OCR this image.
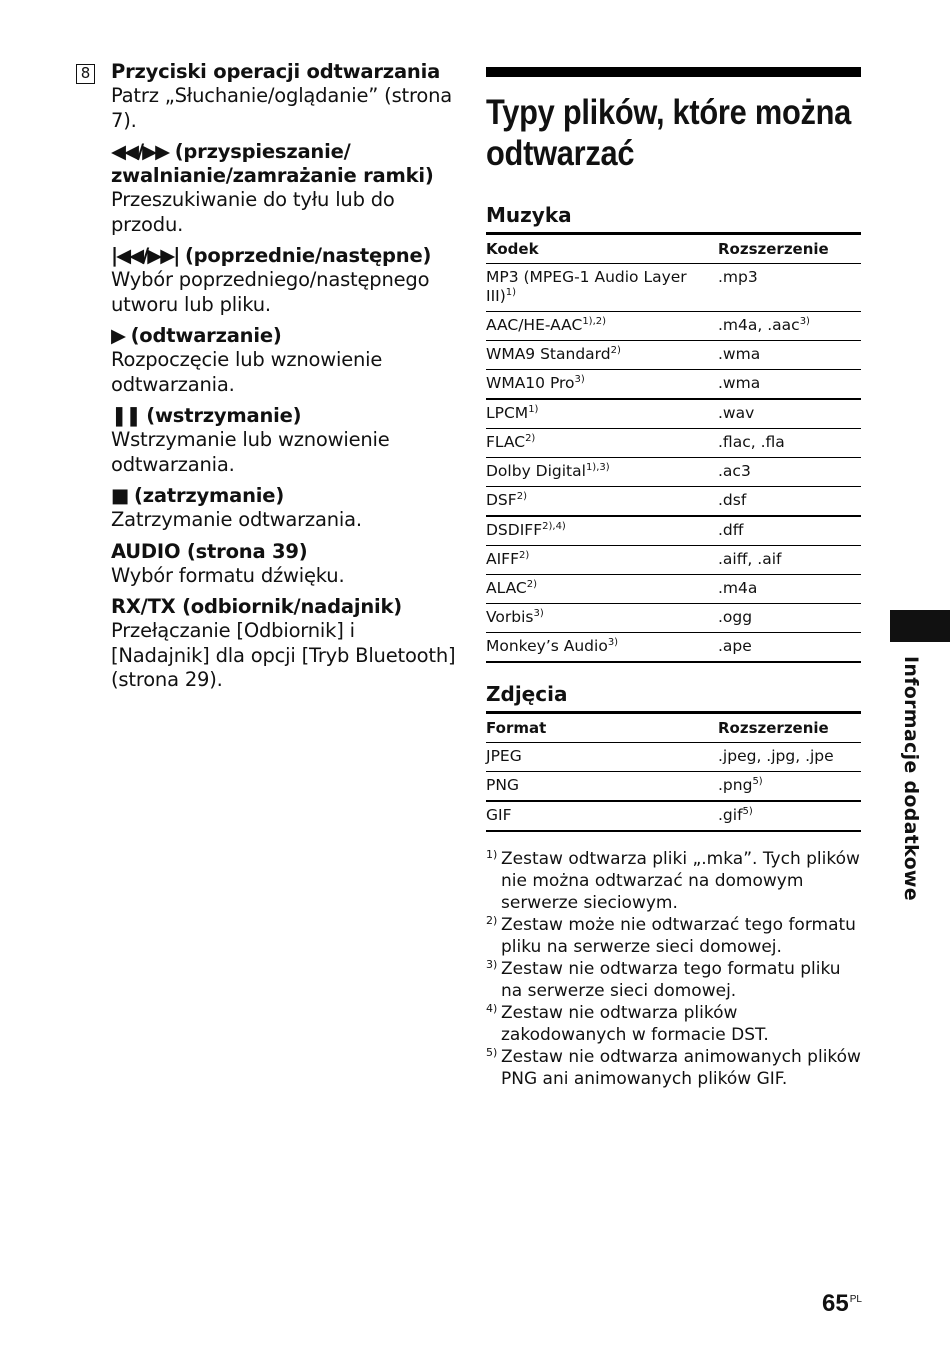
8 Przyciski operacji odtwarzania

Patrz „Słuchanie/oglądanie” (strona 7).

◀◀/▶▶ (przyspieszanie/ zwalnianie/zamrażanie ramki)

Przeszukiwanie do tyłu lub do przodu.

|◀◀/▶▶| (poprzednie/następne)

Wybór poprzedniego/następnego utworu lub pliku.

▶ (odtwarzanie)

Rozpoczęcie lub wznowienie odtwarzania.

❚❚ (wstrzymanie)

Wstrzymanie lub wznowienie odtwarzania.

■ (zatrzymanie)

Zatrzymanie odtwarzania.

AUDIO (strona 39)

Wybór formatu dźwięku.

RX/TX (odbiornik/nadajnik)

Przełączanie [Odbiornik] i [Nadajnik] dla opcji [Tryb Bluetooth] (strona 29).

Typy plików, które można odtwarzać
Muzyka
Kodek	Rozszerzenie
MP3 (MPEG-1 Audio Layer III)$^{1)}$	.mp3
AAC/$HE-AAC^{1),2)}$	.m4a, .aac$^{3)}$
WMA9 Standard$^{2)}$	.wma
WMA10 Pro$^{3)}$	.wma
LPCM$^{1)}$	.wav
FLAC$^{2)}$	.flac, .fla
Dolby Digital$^{1),3)}$	.ac3
DSF$^{2)}$	.dsf
$DSDIFF^{2),4)}$	.dff
AIFF$^{2)}$	.aiff, .aif
ALAC$^{2)}$	.m4a
Vorbis$^{3)}$	.ogg
Monkey’s Audio$^{3)}$	.ape
Zdjęcia
Format	Rozszerzenie
JPEG	.jpeg, .jpg, .jpe
PNG	.png$^{5)}$
GIF	.gif$^{5)}$

1) Zestaw odtwarza pliki „.mka”. Tych plików nie można odtwarzać na domowym serwerze sieciowym.

2) Zestaw może nie odtwarzać tego formatu pliku na serwerze sieci domowej.

3) Zestaw nie odtwarza tego formatu pliku na serwerze sieci domowej.

4) Zestaw nie odtwarza plików zakodowanych w formacie DST.

5) Zestaw nie odtwarza animowanych plików PNG ani animowanych plików GIF.

Informacje dodatkowe
$65^{PL}$
